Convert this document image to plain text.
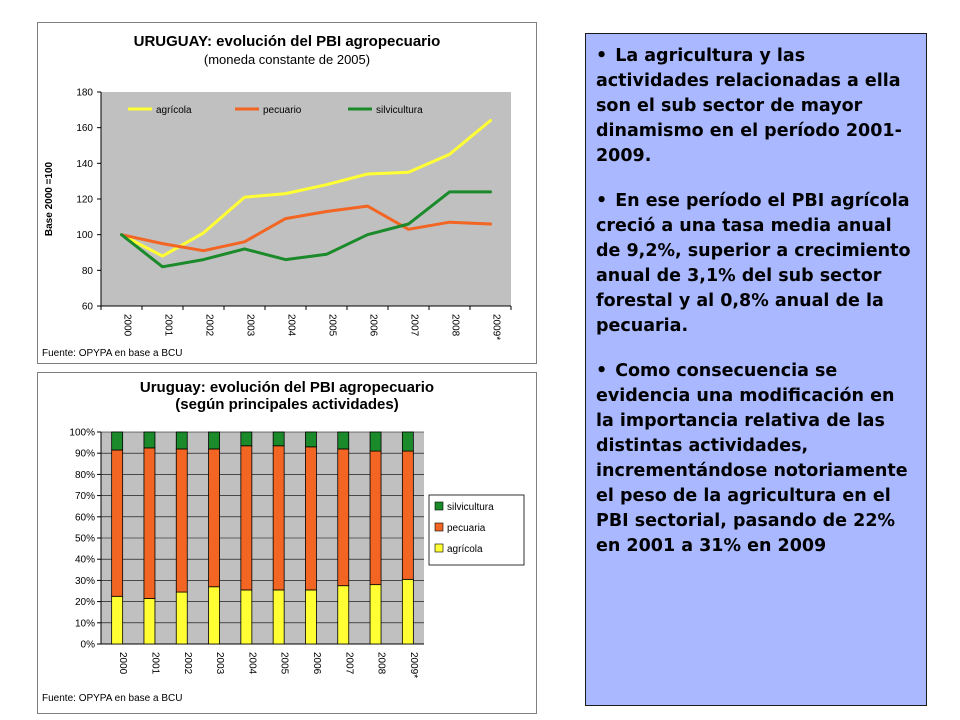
URUGUAY: evolución del PBI agropecuario
(moneda constante de 2005)
60
80
100
120
140
160
180
2000	2001	2002	2003	2004	2005	2006	2007	2008	2009*
Base 2000 =100
agrícola	pecuario	silvicultura
Fuente: OPYPA en base a BCU
Uruguay: evolución del PBI agropecuario
(según principales actividades)
0%
10%
20%
30%
40%
50%
60%
70%
80%
90%
100%
2000 2001 2002 2003 2004 2005 2006 2007 2008 2009*
silvicultura
pecuaria
agrícola
Fuente: OPYPA en base a BCU

• La agricultura y las actividades relacionadas a ella son el sub sector de mayor dinamismo en el período 2001-2009.

• En ese período el PBI agrícola creció a una tasa media anual de 9,2%, superior a crecimiento anual de 3,1% del sub sector forestal y al 0,8% anual de la pecuaria.

• Como consecuencia se evidencia una modificación en la importancia relativa de las distintas actividades, incrementándose notoriamente el peso de la agricultura en el PBI sectorial, pasando de 22% en 2001 a 31% en 2009
